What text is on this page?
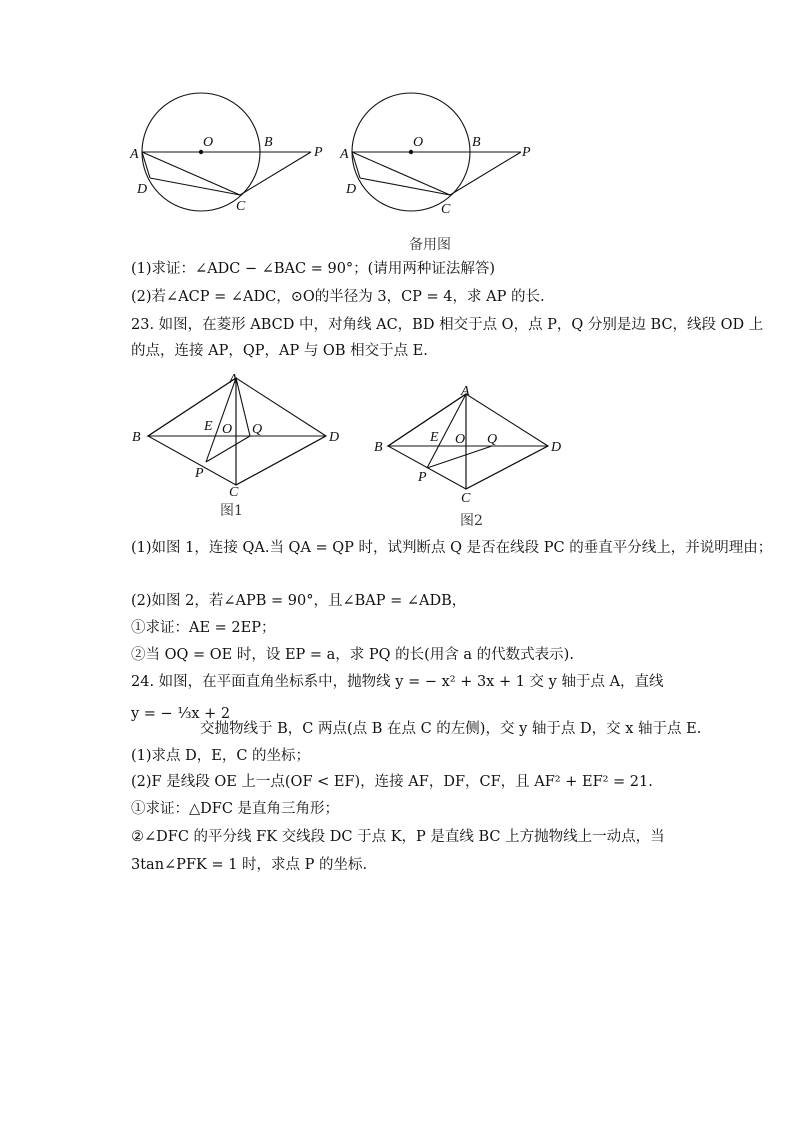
O	B
P
A
D
C
O	B
P
A
D
C
备用图
(1)求证：∠ADC − ∠BAC = 90°；(请用两种证法解答)
(2)若∠ACP = ∠ADC，⊙O的半径为 3，CP = 4，求 AP 的长.
23. 如图，在菱形 ABCD 中，对角线 AC，BD 相交于点 O，点 P，Q 分别是边 BC，线段 OD 上
的点，连接 AP，QP，AP 与 OB 相交于点 E.
A
B	D
E O Q
P
C
图1
A
B	D
E O Q
P
C
图2
(1)如图 1，连接 QA.当 QA = QP 时，试判断点 Q 是否在线段 PC 的垂直平分线上，并说明理由；
(2)如图 2，若∠APB = 90°，且∠BAP = ∠ADB，
①求证：AE = 2EP；
②当 OQ = OE 时，设 EP = a，求 PQ 的长(用含 a 的代数式表示).
24. 如图，在平面直角坐标系中，抛物线 y = − x² + 3x + 1 交 y 轴于点 A，直线
y = − ⅓x + 2
交抛物线于 B，C 两点(点 B 在点 C 的左侧)，交 y 轴于点 D，交 x 轴于点 E.
(1)求点 D，E，C 的坐标；
(2)F 是线段 OE 上一点(OF < EF)，连接 AF，DF，CF，且 AF² + EF² = 21.
①求证：△DFC 是直角三角形；
②∠DFC 的平分线 FK 交线段 DC 于点 K，P 是直线 BC 上方抛物线上一动点，当
3tan∠PFK = 1 时，求点 P 的坐标.
